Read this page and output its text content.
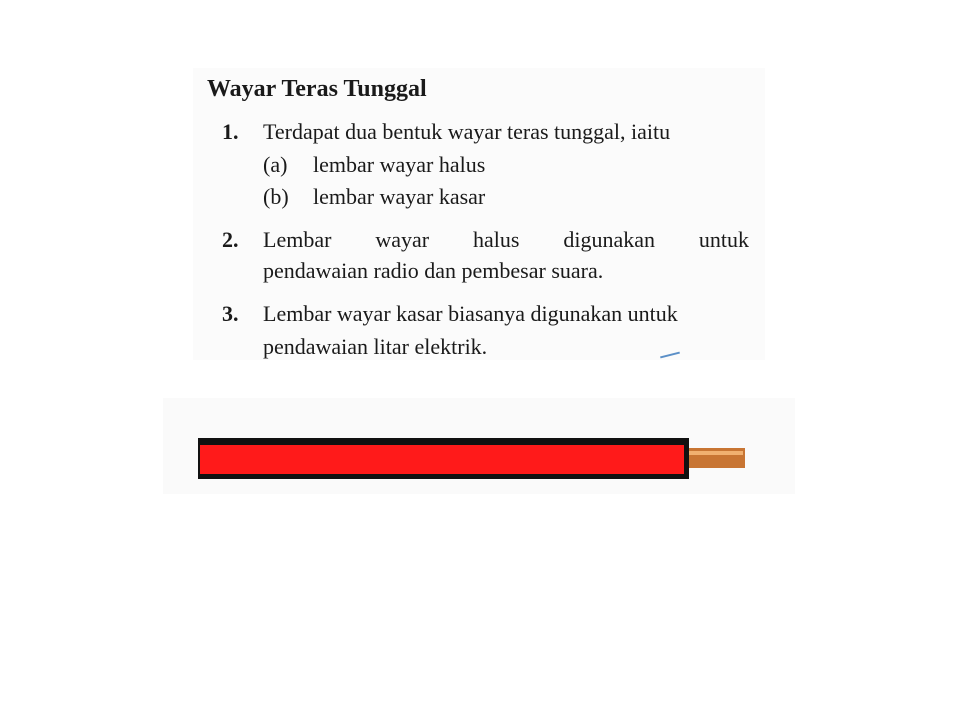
Wayar Teras Tunggal
1. Terdapat dua bentuk wayar teras tunggal, iaitu
(a) lembar wayar halus
(b) lembar wayar kasar
2. Lembar wayar halus digunakan untuk
pendawaian radio dan pembesar suara.
3. Lembar wayar kasar biasanya digunakan untuk
pendawaian litar elektrik.
